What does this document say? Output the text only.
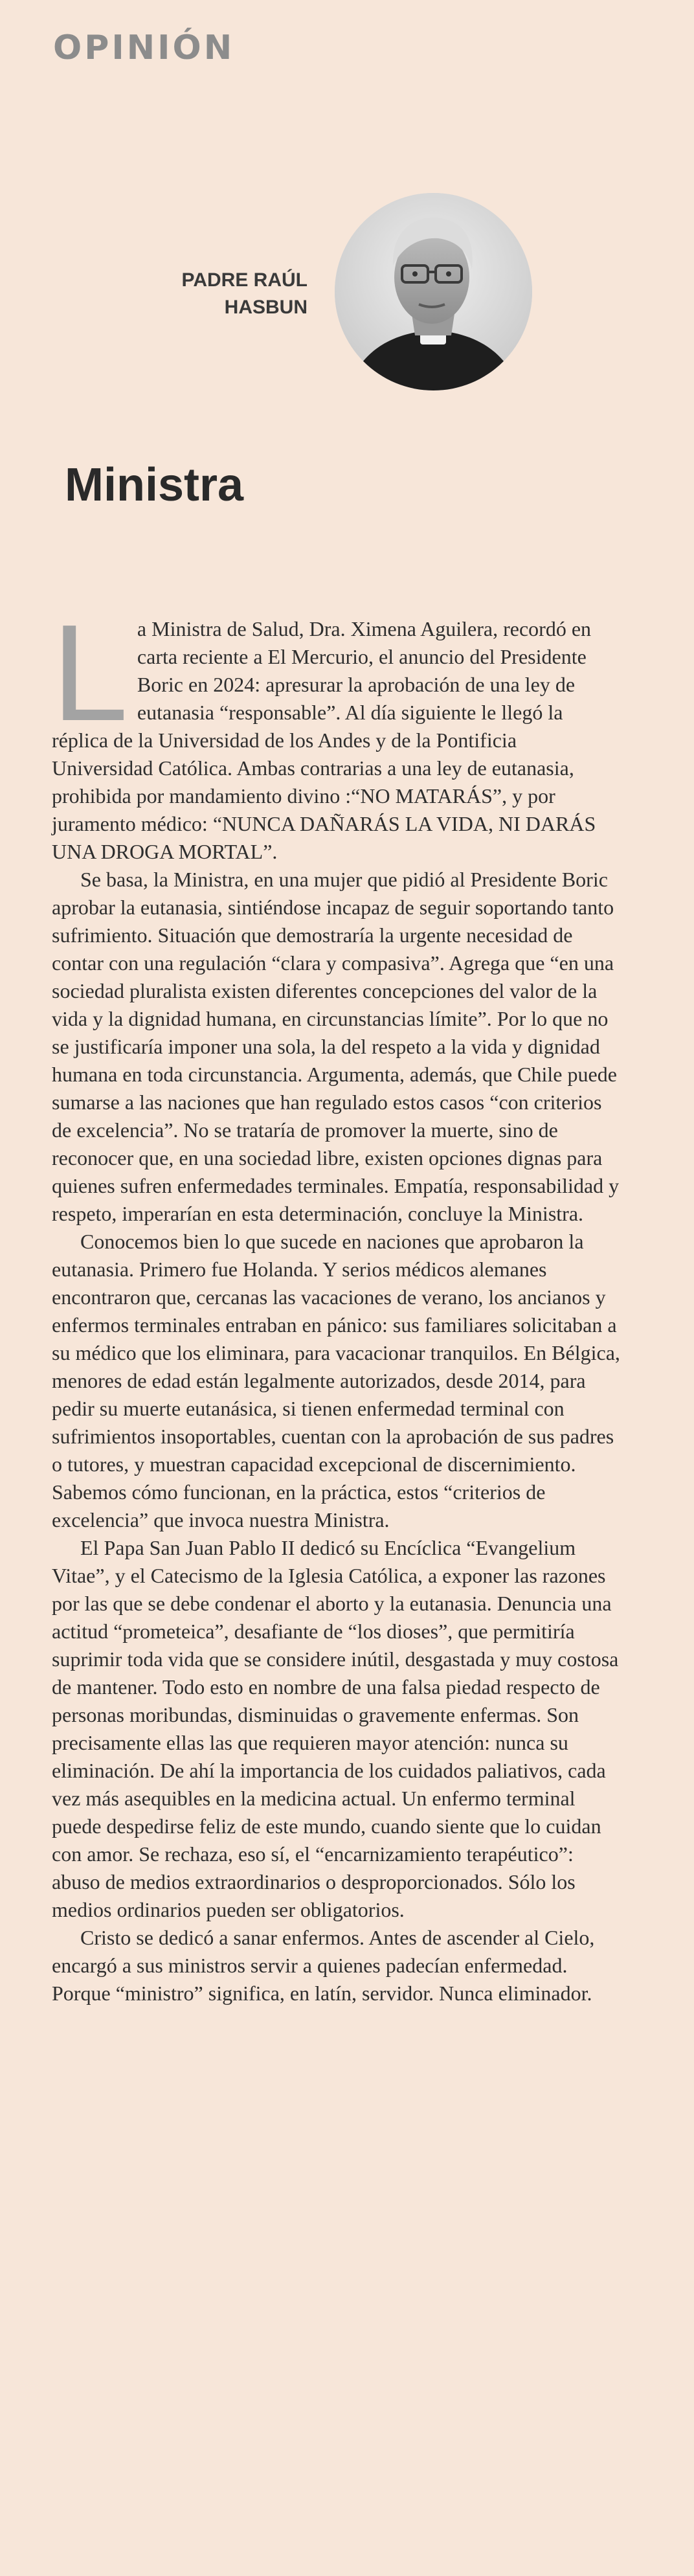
OPINIÓN
PADRE RAÚL
HASBUN
Ministra

L a Ministra de Salud, Dra. Ximena Aguilera, recordó en carta reciente a El Mercurio, el anuncio del Presidente Boric en 2024: apresurar la aprobación de una ley de eutanasia “responsable”. Al día siguiente le llegó la réplica de la Universidad de los Andes y de la Pontificia Universidad Católica. Ambas contrarias a una ley de eutanasia, prohibida por mandamiento divino :“NO MATARÁS”, y por juramento médico: “NUNCA DAÑARÁS LA VIDA, NI DARÁS UNA DROGA MORTAL”.

Se basa, la Ministra, en una mujer que pidió al Presidente Boric aprobar la eutanasia, sintiéndose incapaz de seguir soportando tanto sufrimiento. Situación que demostraría la urgente necesidad de contar con una regulación “clara y compasiva”. Agrega que “en una sociedad pluralista existen diferentes concepciones del valor de la vida y la dignidad humana, en circunstancias límite”. Por lo que no se justificaría imponer una sola, la del respeto a la vida y dignidad humana en toda circunstancia. Argumenta, además, que Chile puede sumarse a las naciones que han regulado estos casos “con criterios de excelencia”. No se trataría de promover la muerte, sino de reconocer que, en una sociedad libre, existen opciones dignas para quienes sufren enfermedades terminales. Empatía, responsabilidad y respeto, imperarían en esta determinación, concluye la Ministra.

Conocemos bien lo que sucede en naciones que aprobaron la eutanasia. Primero fue Holanda. Y serios médicos alemanes encontraron que, cercanas las vacaciones de verano, los ancianos y enfermos terminales entraban en pánico: sus familiares solicitaban a su médico que los eliminara, para vacacionar tranquilos. En Bélgica, menores de edad están legalmente autorizados, desde 2014, para pedir su muerte eutanásica, si tienen enfermedad terminal con sufrimientos insoportables, cuentan con la aprobación de sus padres o tutores, y muestran capacidad excepcional de discernimiento. Sabemos cómo funcionan, en la práctica, estos “criterios de excelencia” que invoca nuestra Ministra.

El Papa San Juan Pablo II dedicó su Encíclica “Evangelium Vitae”, y el Catecismo de la Iglesia Católica, a exponer las razones por las que se debe condenar el aborto y la eutanasia. Denuncia una actitud “prometeica”, desafiante de “los dioses”, que permitiría suprimir toda vida que se considere inútil, desgastada y muy costosa de mantener. Todo esto en nombre de una falsa piedad respecto de personas moribundas, disminuidas o gravemente enfermas. Son precisamente ellas las que requieren mayor atención: nunca su eliminación. De ahí la importancia de los cuidados paliativos, cada vez más asequibles en la medicina actual. Un enfermo terminal puede despedirse feliz de este mundo, cuando siente que lo cuidan con amor. Se rechaza, eso sí, el “encarnizamiento terapéutico”: abuso de medios extraordinarios o desproporcionados. Sólo los medios ordinarios pueden ser obligatorios.

Cristo se dedicó a sanar enfermos. Antes de ascender al Cielo, encargó a sus ministros servir a quienes padecían enfermedad. Porque “ministro” significa, en latín, servidor. Nunca eliminador.
